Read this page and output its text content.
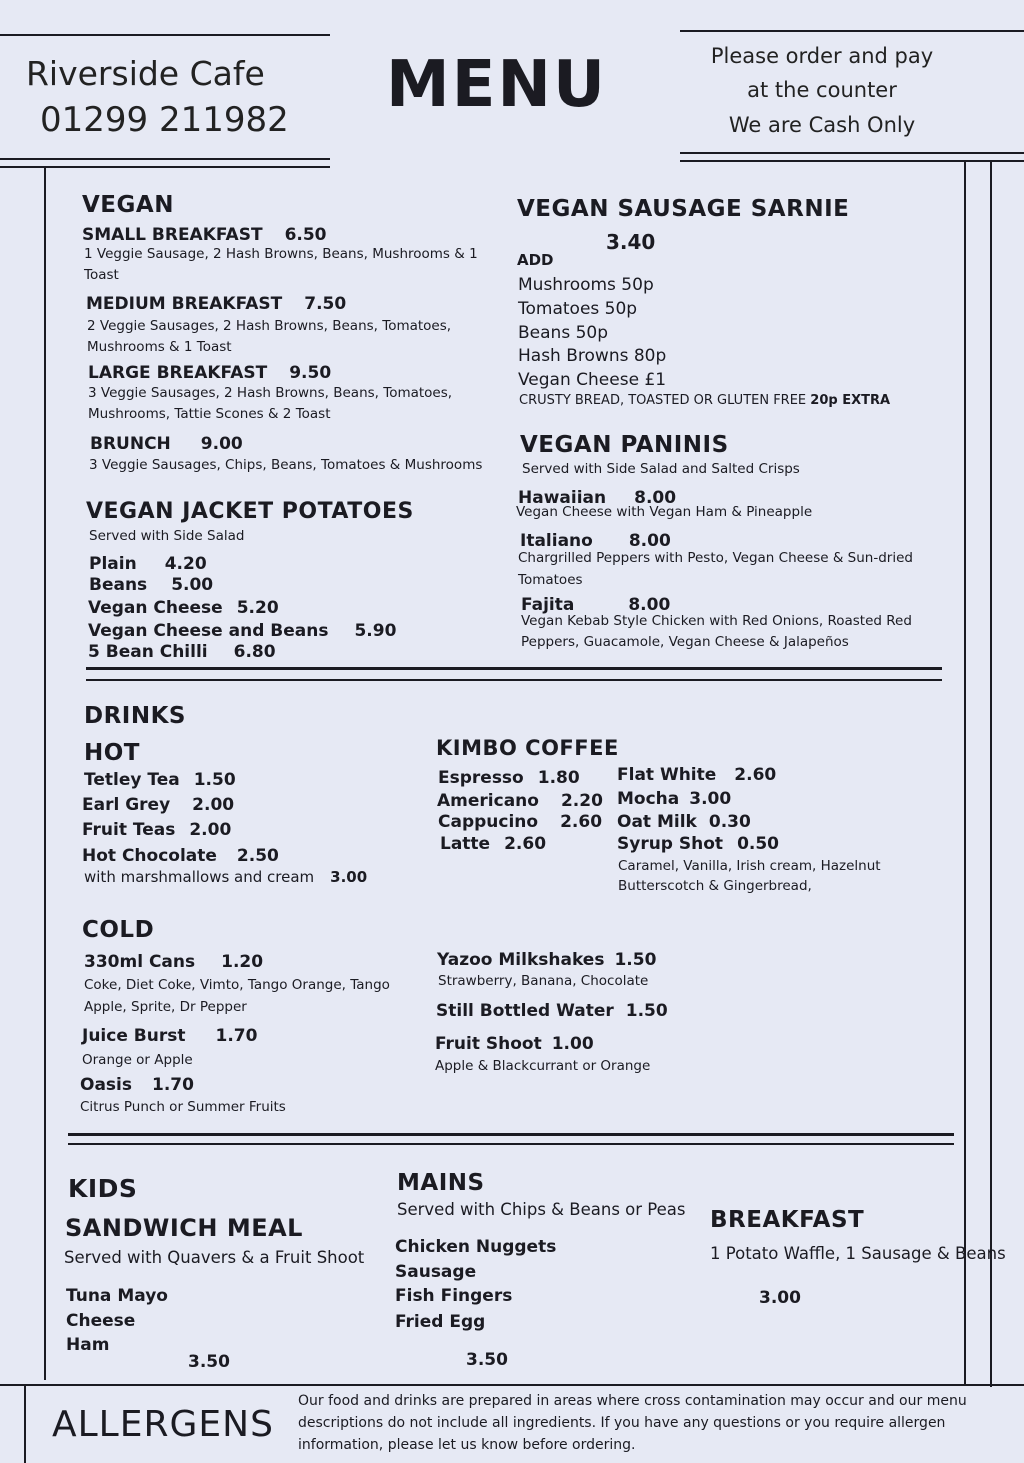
Riverside Cafe
01299 211982 MENU	Please order and pay
at the counter
We are Cash Only
VEGAN
SMALL BREAKFAST 6.50
1 Veggie Sausage, 2 Hash Browns, Beans, Mushrooms & 1
Toast
MEDIUM BREAKFAST 7.50
2 Veggie Sausages, 2 Hash Browns, Beans, Tomatoes,
Mushrooms & 1 Toast
LARGE BREAKFAST 9.50
3 Veggie Sausages, 2 Hash Browns, Beans, Tomatoes,
Mushrooms, Tattie Scones & 2 Toast
BRUNCH 9.00
3 Veggie Sausages, Chips, Beans, Tomatoes & Mushrooms
VEGAN JACKET POTATOES
Served with Side Salad
Plain 4.20
Beans 5.00
Vegan Cheese 5.20
Vegan Cheese and Beans 5.90
5 Bean Chilli 6.80
VEGAN SAUSAGE SARNIE
3.40
ADD
Mushrooms 50p
Tomatoes 50p
Beans 50p
Hash Browns 80p
Vegan Cheese £1
CRUSTY BREAD, TOASTED OR GLUTEN FREE 20p EXTRA
VEGAN PANINIS
Served with Side Salad and Salted Crisps
Hawaiian 8.00
Vegan Cheese with Vegan Ham & Pineapple
Italiano 8.00
Chargrilled Peppers with Pesto, Vegan Cheese & Sun-dried
Tomatoes
Fajita	8.00
Vegan Kebab Style Chicken with Red Onions, Roasted Red
Peppers, Guacamole, Vegan Cheese & Jalapeños
DRINKS
HOT
Tetley Tea 1.50
Earl Grey 2.00
Fruit Teas 2.00
Hot Chocolate 2.50
with marshmallows and cream 3.00
KIMBO COFFEE
Espresso 1.80
Americano 2.20
Cappucino 2.60
Latte 2.60
Flat White 2.60
Mocha 3.00
Oat Milk 0.30
Syrup Shot 0.50
Caramel, Vanilla, Irish cream, Hazelnut
Butterscotch & Gingerbread,
COLD
330ml Cans 1.20
Coke, Diet Coke, Vimto, Tango Orange, Tango
Apple, Sprite, Dr Pepper
Juice Burst 1.70
Orange or Apple
Oasis 1.70
Citrus Punch or Summer Fruits
Yazoo Milkshakes 1.50
Strawberry, Banana, Chocolate
Still Bottled Water 1.50
Fruit Shoot 1.00
Apple & Blackcurrant or Orange
KIDS
SANDWICH MEAL
Served with Quavers & a Fruit Shoot
Tuna Mayo
Cheese
Ham
3.50
MAINS
Served with Chips & Beans or Peas
Chicken Nuggets
Sausage
Fish Fingers
Fried Egg
3.50
BREAKFAST
1 Potato Waffle, 1 Sausage & Beans
3.00
ALLERGENS
Our food and drinks are prepared in areas where cross contamination may occur and our menu descriptions do not include all ingredients. If you have any questions or you require allergen information, please let us know before ordering.
